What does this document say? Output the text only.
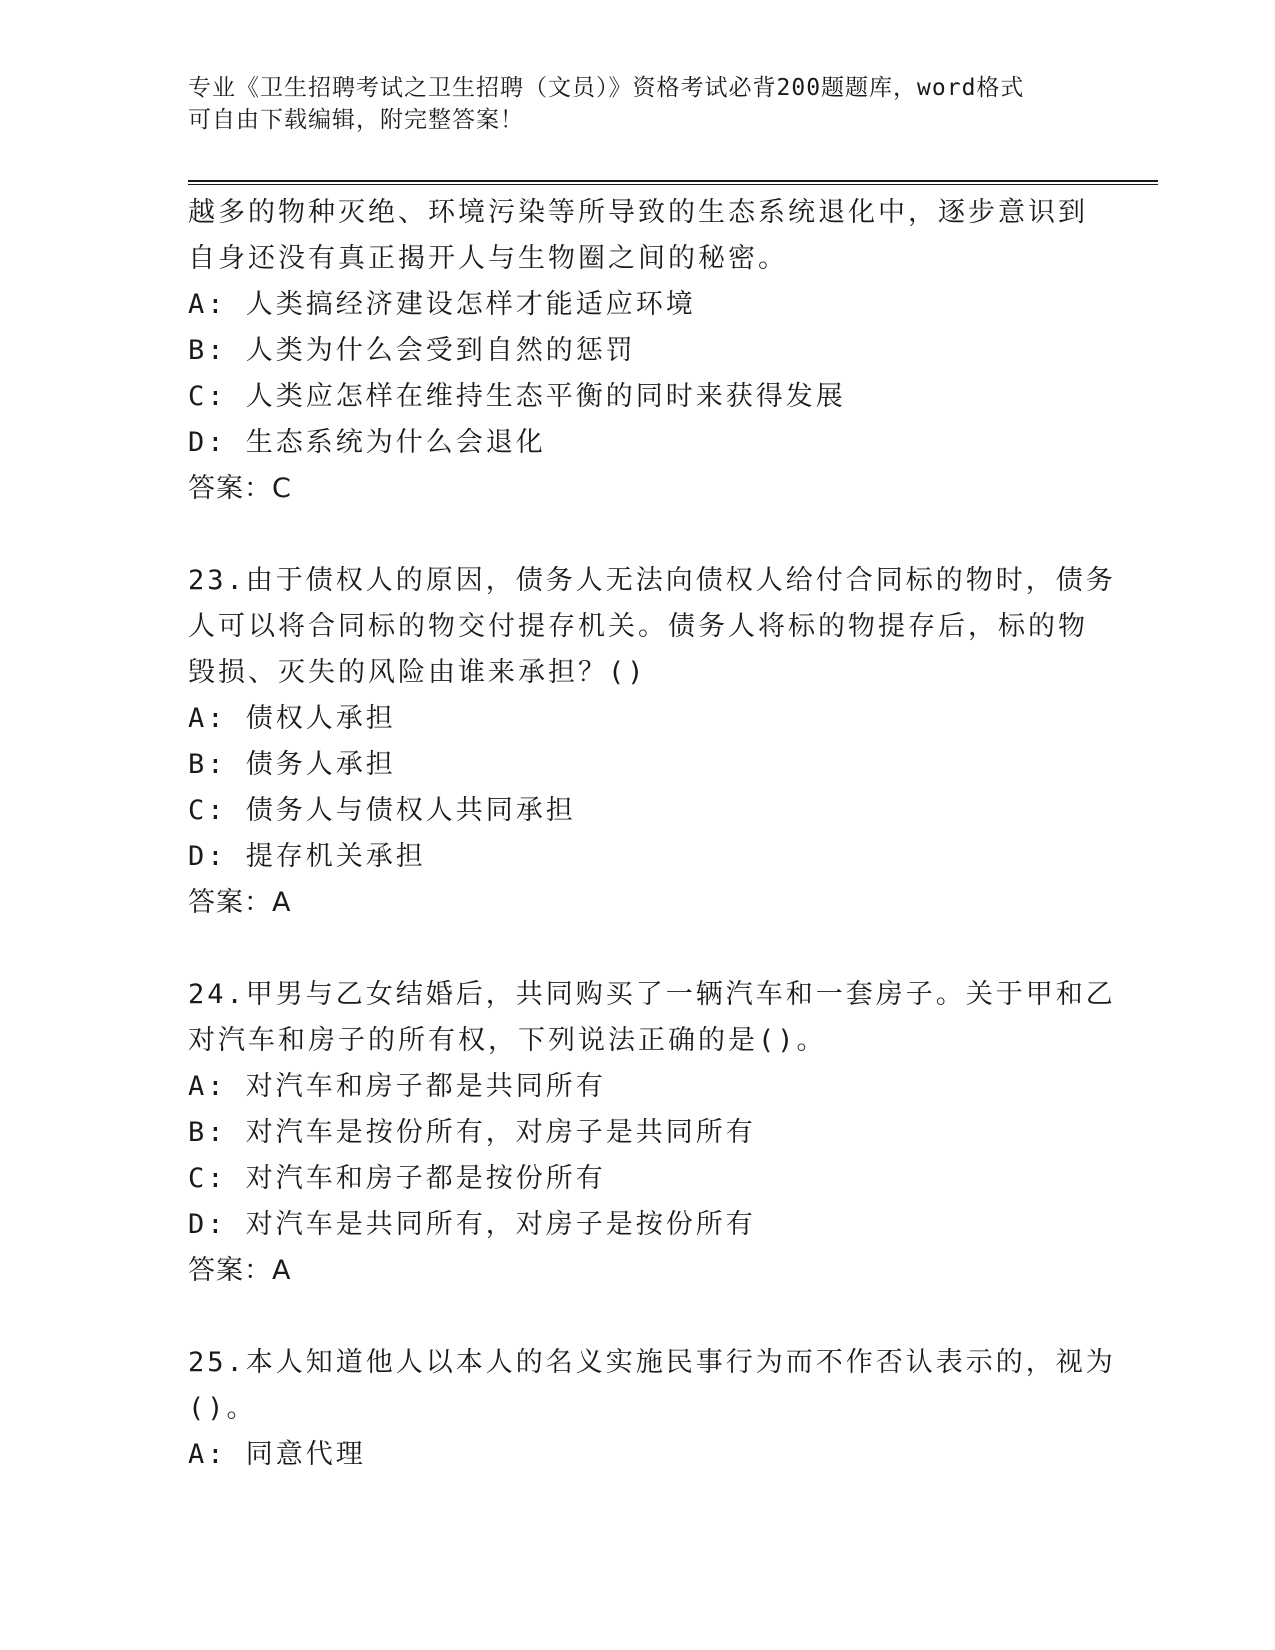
专业《卫生招聘考试之卫生招聘（文员）》资格考试必背200题题库，word格式
可自由下载编辑，附完整答案！
越多的物种灭绝、环境污染等所导致的生态系统退化中，逐步意识到
自身还没有真正揭开人与生物圈之间的秘密。
A: 人类搞经济建设怎样才能适应环境
B: 人类为什么会受到自然的惩罚
C: 人类应怎样在维持生态平衡的同时来获得发展
D: 生态系统为什么会退化
答案：C
23.由于债权人的原因，债务人无法向债权人给付合同标的物时，债务
人可以将合同标的物交付提存机关。债务人将标的物提存后，标的物
毁损、灭失的风险由谁来承担？()
A: 债权人承担
B: 债务人承担
C: 债务人与债权人共同承担
D: 提存机关承担
答案：A
24.甲男与乙女结婚后，共同购买了一辆汽车和一套房子。关于甲和乙
对汽车和房子的所有权，下列说法正确的是()。
A: 对汽车和房子都是共同所有
B: 对汽车是按份所有，对房子是共同所有
C: 对汽车和房子都是按份所有
D: 对汽车是共同所有，对房子是按份所有
答案：A
25.本人知道他人以本人的名义实施民事行为而不作否认表示的，视为
()。
A: 同意代理
